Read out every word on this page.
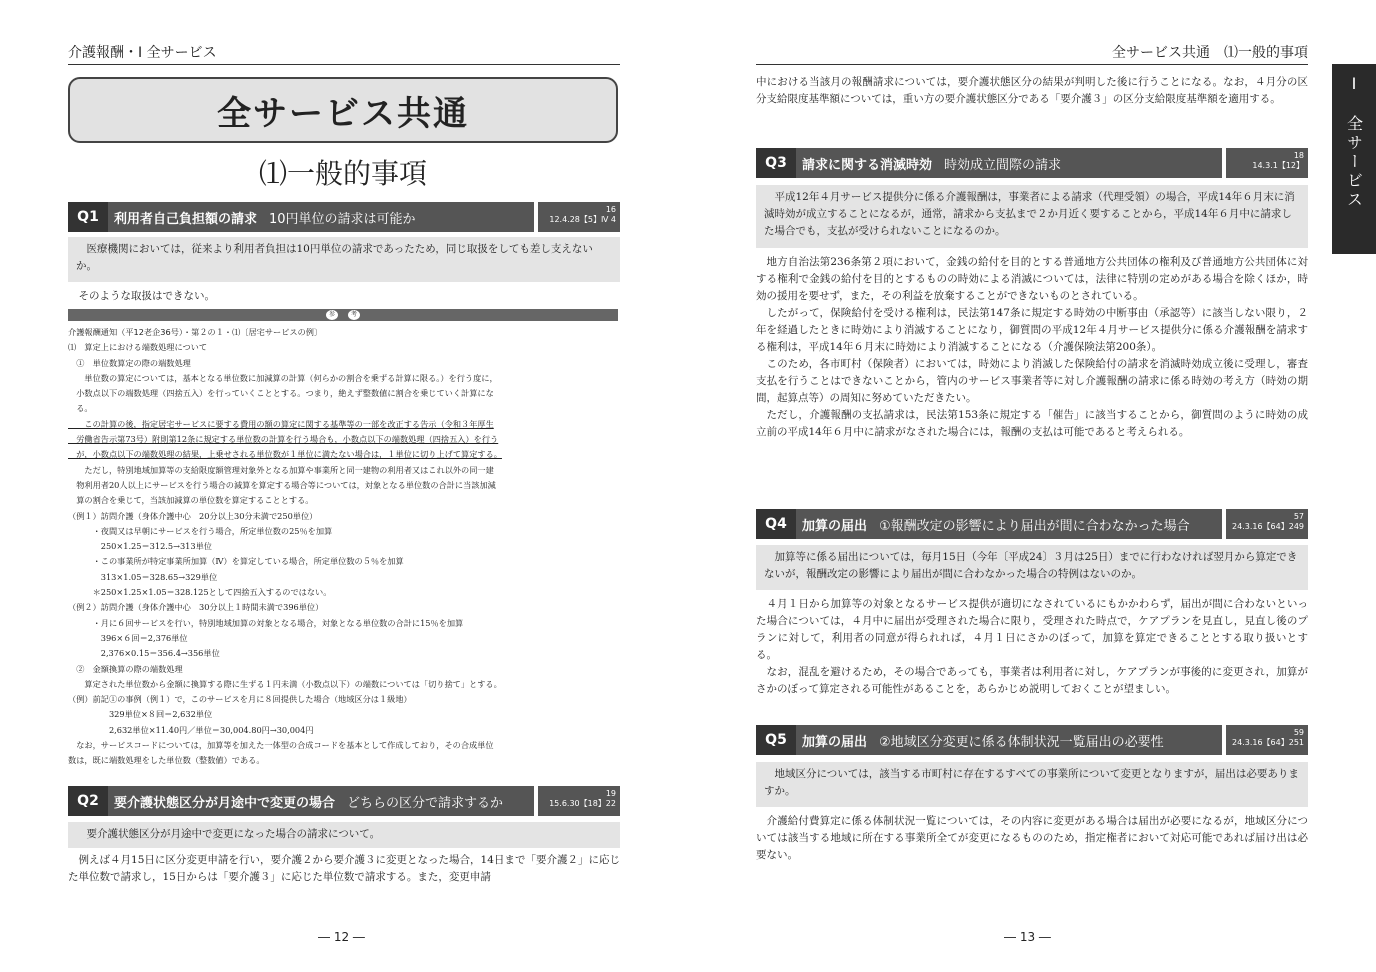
介護報酬・Ⅰ 全サービス
全サービス共通
⑴一般的事項
Q1	利用者自己負担額の請求 10円単位の請求は可能か
16
12.4.28【5】Ⅳ 4
医療機関においては，従来より利用者負担は10円単位の請求であったため，同じ取扱をしても差し支えないか。

そのような取扱はできない。

参	考
介護報酬通知（平12老企36号）・第２の１・⑴〔居宅サービスの例〕
⑴　算定上における端数処理について
　①　単位数算定の際の端数処理
　　単位数の算定については，基本となる単位数に加減算の計算（何らかの割合を乗ずる計算に限る。）を行う度に，
　小数点以下の端数処理（四捨五入）を行っていくこととする。つまり，絶えず整数値に割合を乗じていく計算にな
　る。
　　この計算の後，指定居宅サービスに要する費用の額の算定に関する基準等の一部を改正する告示（令和３年厚生
　労働省告示第73号）附則第12条に規定する単位数の計算を行う場合も，小数点以下の端数処理（四捨五入）を行う
　が，小数点以下の端数処理の結果，上乗せされる単位数が１単位に満たない場合は，１単位に切り上げて算定する。
　　ただし，特別地域加算等の支給限度額管理対象外となる加算や事業所と同一建物の利用者又はこれ以外の同一建
　物利用者20人以上にサービスを行う場合の減算を算定する場合等については，対象となる単位数の合計に当該加減
　算の割合を乗じて，当該加減算の単位数を算定することとする。
（例１）訪問介護（身体介護中心　20分以上30分未満で250単位）
　　　・夜間又は早朝にサービスを行う場合，所定単位数の25％を加算
　　　　250×1.25＝312.5→313単位
　　　・この事業所が特定事業所加算（Ⅳ）を算定している場合，所定単位数の５％を加算
　　　　313×1.05＝328.65→329単位
　　　＊250×1.25×1.05＝328.125として四捨五入するのではない。
（例２）訪問介護（身体介護中心　30分以上１時間未満で396単位）
　　　・月に６回サービスを行い，特別地域加算の対象となる場合，対象となる単位数の合計に15％を加算
　　　　396×６回＝2,376単位
　　　　2,376×0.15＝356.4→356単位
　②　金額換算の際の端数処理
　　算定された単位数から金額に換算する際に生ずる１円未満（小数点以下）の端数については「切り捨て」とする。
（例）前記①の事例（例１）で，このサービスを月に８回提供した場合（地域区分は１級地）
　　　　　329単位×８回＝2,632単位
　　　　　2,632単位×11.40円／単位＝30,004.80円→30,004円
　なお，サービスコードについては，加算等を加えた一体型の合成コードを基本として作成しており，その合成単位
数は，既に端数処理をした単位数（整数値）である。
Q2	要介護状態区分が月途中で変更の場合 どちらの区分で請求するか
19
15.6.30【18】22
要介護状態区分が月途中で変更になった場合の請求について。

例えば４月15日に区分変更申請を行い，要介護２から要介護３に変更となった場合，14日まで「要介護２」に応じた単位数で請求し，15日からは「要介護３」に応じた単位数で請求する。また，変更申請

― 12 ―
全サービス共通　⑴一般的事項
中における当該月の報酬請求については，要介護状態区分の結果が判明した後に行うことになる。なお，４月分の区分支給限度基準額については，重い方の要介護状態区分である「要介護３」の区分支給限度基準額を適用する。
Q3	請求に関する消滅時効 時効成立間際の請求
18
14.3.1【12】
平成12年４月サービス提供分に係る介護報酬は，事業者による請求（代理受領）の場合，平成14年６月末に消滅時効が成立することになるが，通常，請求から支払まで２か月近く要することから，平成14年６月中に請求した場合でも，支払が受けられないことになるのか。

地方自治法第236条第２項において，金銭の給付を目的とする普通地方公共団体の権利及び普通地方公共団体に対する権利で金銭の給付を目的とするものの時効による消滅については，法律に特別の定めがある場合を除くほか，時効の援用を要せず，また，その利益を放棄することができないものとされている。

したがって，保険給付を受ける権利は，民法第147条に規定する時効の中断事由（承認等）に該当しない限り，２年を経過したときに時効により消滅することになり，御質問の平成12年４月サービス提供分に係る介護報酬を請求する権利は，平成14年６月末に時効により消滅することになる（介護保険法第200条）。

このため，各市町村（保険者）においては，時効により消滅した保険給付の請求を消滅時効成立後に受理し，審査支払を行うことはできないことから，管内のサービス事業者等に対し介護報酬の請求に係る時効の考え方（時効の期間，起算点等）の周知に努めていただきたい。

ただし，介護報酬の支払請求は，民法第153条に規定する「催告」に該当することから，御質問のように時効の成立前の平成14年６月中に請求がなされた場合には，報酬の支払は可能であると考えられる。

Q4	加算の届出 ①報酬改定の影響により届出が間に合わなかった場合
57
24.3.16【64】249
加算等に係る届出については，毎月15日（今年〔平成24〕３月は25日）までに行わなければ翌月から算定できないが，報酬改定の影響により届出が間に合わなかった場合の特例はないのか。

４月１日から加算等の対象となるサービス提供が適切になされているにもかかわらず，届出が間に合わないといった場合については，４月中に届出が受理された場合に限り，受理された時点で，ケアプランを見直し，見直し後のプランに対して，利用者の同意が得られれば，４月１日にさかのぼって，加算を算定できることとする取り扱いとする。

なお，混乱を避けるため，その場合であっても，事業者は利用者に対し，ケアプランが事後的に変更され，加算がさかのぼって算定される可能性があることを，あらかじめ説明しておくことが望ましい。

Q5	加算の届出 ②地域区分変更に係る体制状況一覧届出の必要性
59
24.3.16【64】251
地域区分については，該当する市町村に存在するすべての事業所について変更となりますが，届出は必要ありますか。

介護給付費算定に係る体制状況一覧については，その内容に変更がある場合は届出が必要になるが，地域区分については該当する地域に所在する事業所全てが変更になるもののため，指定権者において対応可能であれば届け出は必要ない。

― 13 ―
Ⅰ　全サービス
